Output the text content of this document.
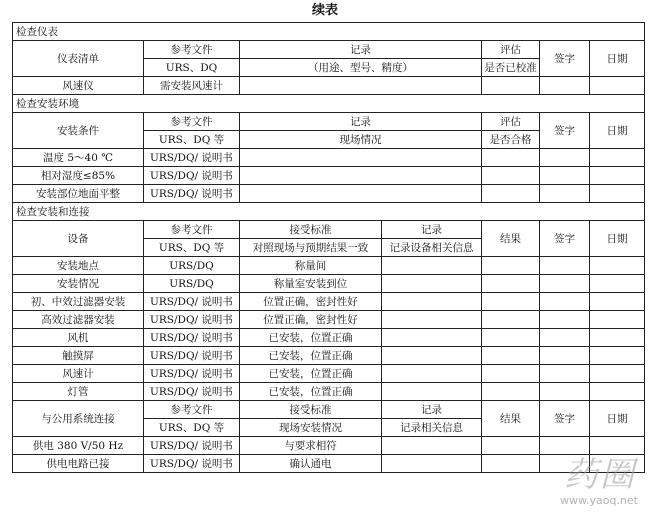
续表
检查仪表						
仪表清单	参考文件	记录		评估	签字	日期
	URS、DQ	（用途、型号、精度）		是否已校准		
风速仪	需安装风速计					
检查安装环境						
安装条件	参考文件	记录		评估	签字	日期
	URS、DQ 等	现场情况		是否合格		
温度 5～40 ℃	URS/DQ/ 说明书					
相对湿度≤85%	URS/DQ/ 说明书					
安装部位地面平整	URS/DQ/ 说明书					
检查安装和连接						
设备	参考文件	接受标准	记录	结果	签字	日期
	URS、DQ 等	对照现场与预期结果一致	记录设备相关信息			
安装地点	URS/DQ	称量间				
安装情况	URS/DQ	称量室安装到位				
初、中效过滤器安装	URS/DQ/ 说明书	位置正确，密封性好				
高效过滤器安装	URS/DQ/ 说明书	位置正确，密封性好				
风机	URS/DQ/ 说明书	已安装，位置正确				
触摸屏	URS/DQ/ 说明书	已安装，位置正确				
风速计	URS/DQ/ 说明书	已安装，位置正确				
灯管	URS/DQ/ 说明书	已安装，位置正确				
与公用系统连接	参考文件	接受标准	记录	结果	签字	日期
	URS、DQ 等	现场安装情况	记录相关信息			
供电 380 V/50 Hz	URS/DQ/ 说明书	与要求相符				
供电电路已接	URS/DQ/ 说明书	确认通电					药圈
www.yaoq.net
